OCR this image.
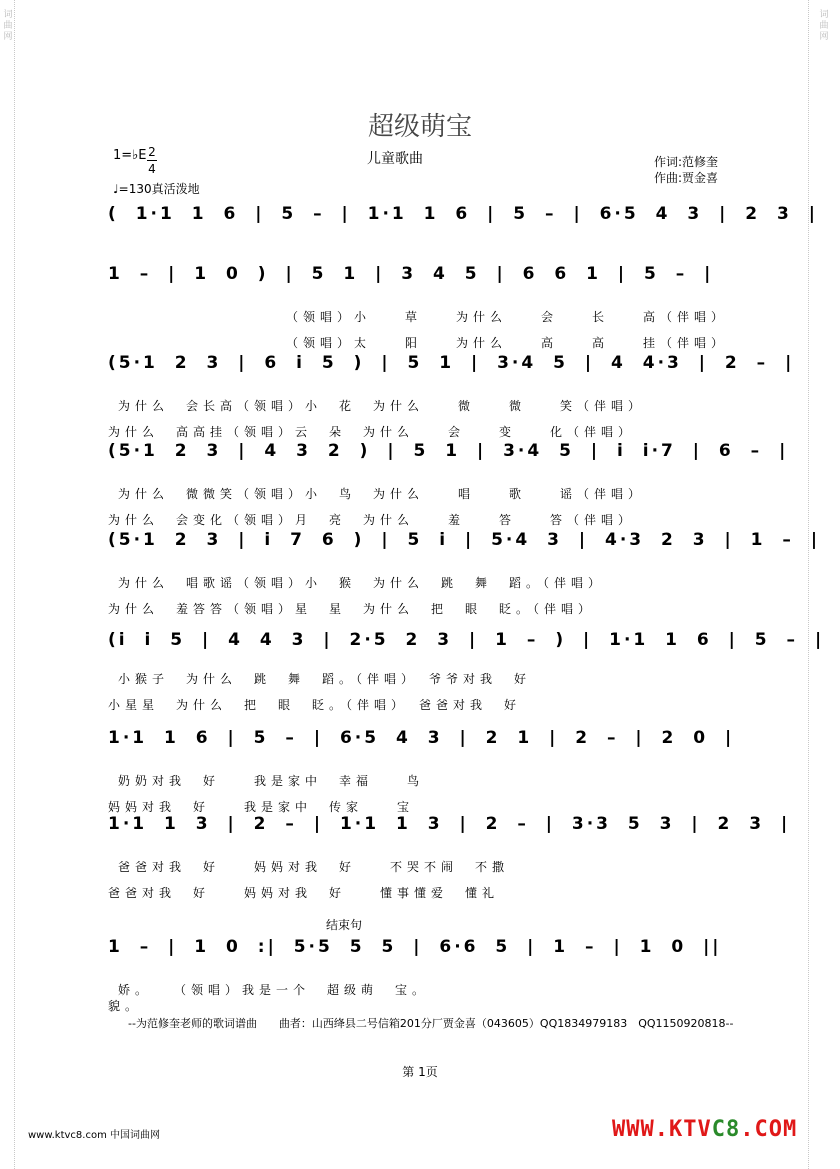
词曲网
词曲网
超级萌宝
儿童歌曲
1=♭E 2
4
♩=130真活泼地
作词:范修奎
作曲:贾金喜
( 1·1 1 6 | 5 – | 1·1 1 6 | 5 – | 6·5 4 3 | 2 3 |
1 – | 1 0 ) | 5 1 | 3 4 5 | 6 6 1 | 5 – |
（领唱）小　　草　　为什么　　会　　长　　高（伴唱）
（领唱）太　　阳　　为什么　　高　　高　　挂（伴唱）
(5·1 2 3 | 6 i 5 ) | 5 1 | 3·4 5 | 4 4·3 | 2 – |
为什么　会长高（领唱）小　花　为什么　　微　　微　　笑（伴唱）
为什么　高高挂（领唱）云　朵　为什么　　会　　变　　化（伴唱）
(5·1 2 3 | 4 3 2 ) | 5 1 | 3·4 5 | i i·7 | 6 – |
为什么　微微笑（领唱）小　鸟　为什么　　唱　　歌　　谣（伴唱）
为什么　会变化（领唱）月　亮　为什么　　羞　　答　　答（伴唱）
(5·1 2 3 | i 7 6 ) | 5 i | 5·4 3 | 4·3 2 3 | 1 – |
为什么　唱歌谣（领唱）小　猴　为什么　跳　舞　蹈。（伴唱）
为什么　羞答答（领唱）星　星　为什么　把　眼　眨。（伴唱）
(i i 5 | 4 4 3 | 2·5 2 3 | 1 – ) | 1·1 1 6 | 5 – |
小猴子　为什么　跳　舞　蹈。（伴唱）　爷爷对我　好
小星星　为什么　把　眼　眨。（伴唱）　爸爸对我　好
1·1 1 6 | 5 – | 6·5 4 3 | 2 1 | 2 – | 2 0 |
奶奶对我　好　　我是家中　幸福　　鸟
妈妈对我　好　　我是家中　传家　　宝
1·1 1 3 | 2 – | 1·1 1 3 | 2 – | 3·3 5 3 | 2 3 |
爸爸对我　好　　妈妈对我　好　　不哭不闹　不撒
爸爸对我　好　　妈妈对我　好　　懂事懂爱　懂礼
1 – | 1 0 :| 5·5 5 5 | 6·6 5 | 1 – | 1 0 ||
娇。　　（领唱）我是一个　超级萌　宝。
貌。
结束句
--为范修奎老师的歌词谱曲　　曲者：山西绛县二号信箱201分厂贾金喜（043605）QQ1834979183　QQ1150920818--
第 1页
www.ktvc8.com 中国词曲网	WWW.KTVC8.COM
